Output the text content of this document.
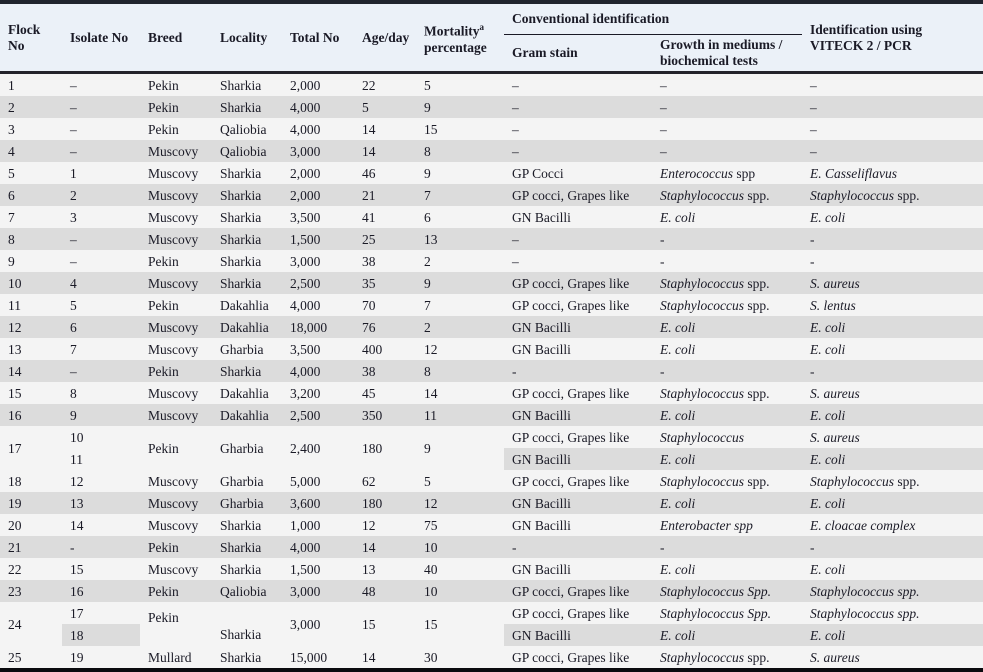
Flock No	Isolate No	Breed	Locality	Total No	Age/day	Mortality$^a$
percentage	Conventional identification		Identification using
VITECK 2 / PCR
							Gram stain	Growth in mediums /
biochemical tests	
1	–	Pekin	Sharkia	2,000	22	5	–	–	–
2	–	Pekin	Sharkia	4,000	5	9	–	–	–
3	–	Pekin	Qaliobia	4,000	14	15	–	–	–
4	–	Muscovy	Qaliobia	3,000	14	8	–	–	–
5	1	Muscovy	Sharkia	2,000	46	9	GP Cocci	Enterococcus spp	E. Casseliflavus
6	2	Muscovy	Sharkia	2,000	21	7	GP cocci, Grapes like	Staphylococcus spp.	Staphylococcus spp.
7	3	Muscovy	Sharkia	3,500	41	6	GN Bacilli	E. coli	E. coli
8	–	Muscovy	Sharkia	1,500	25	13	–	-	-
9	–	Pekin	Sharkia	3,000	38	2	–	-	-
10	4	Muscovy	Sharkia	2,500	35	9	GP cocci, Grapes like	Staphylococcus spp.	S. aureus
11	5	Pekin	Dakahlia	4,000	70	7	GP cocci, Grapes like	Staphylococcus spp.	S. lentus
12	6	Muscovy	Dakahlia	18,000	76	2	GN Bacilli	E. coli	E. coli
13	7	Muscovy	Gharbia	3,500	400	12	GN Bacilli	E. coli	E. coli
14	–	Pekin	Sharkia	4,000	38	8	-	-	-
15	8	Muscovy	Dakahlia	3,200	45	14	GP cocci, Grapes like	Staphylococcus spp.	S. aureus
16	9	Muscovy	Dakahlia	2,500	350	11	GN Bacilli	E. coli	E. coli
17	10	Pekin	Gharbia	2,400	180	9	GP cocci, Grapes like	Staphylococcus	S. aureus
	11						GN Bacilli	E. coli	E. coli
18	12	Muscovy	Gharbia	5,000	62	5	GP cocci, Grapes like	Staphylococcus spp.	Staphylococcus spp.
19	13	Muscovy	Gharbia	3,600	180	12	GN Bacilli	E. coli	E. coli
20	14	Muscovy	Sharkia	1,000	12	75	GN Bacilli	Enterobacter spp	E. cloacae complex
21	-	Pekin	Sharkia	4,000	14	10	-	-	-
22	15	Muscovy	Sharkia	1,500	13	40	GN Bacilli	E. coli	E. coli
23	16	Pekin	Qaliobia	3,000	48	10	GP cocci, Grapes like	Staphylococcus Spp.	Staphylococcus spp.
24	17	Pekin	Sharkia	3,000	15	15	GP cocci, Grapes like	Staphylococcus Spp.	Staphylococcus spp.
	18						GN Bacilli	E. coli	E. coli
25	19	Mullard	Sharkia	15,000	14	30	GP cocci, Grapes like	Staphylococcus spp.	S. aureus
